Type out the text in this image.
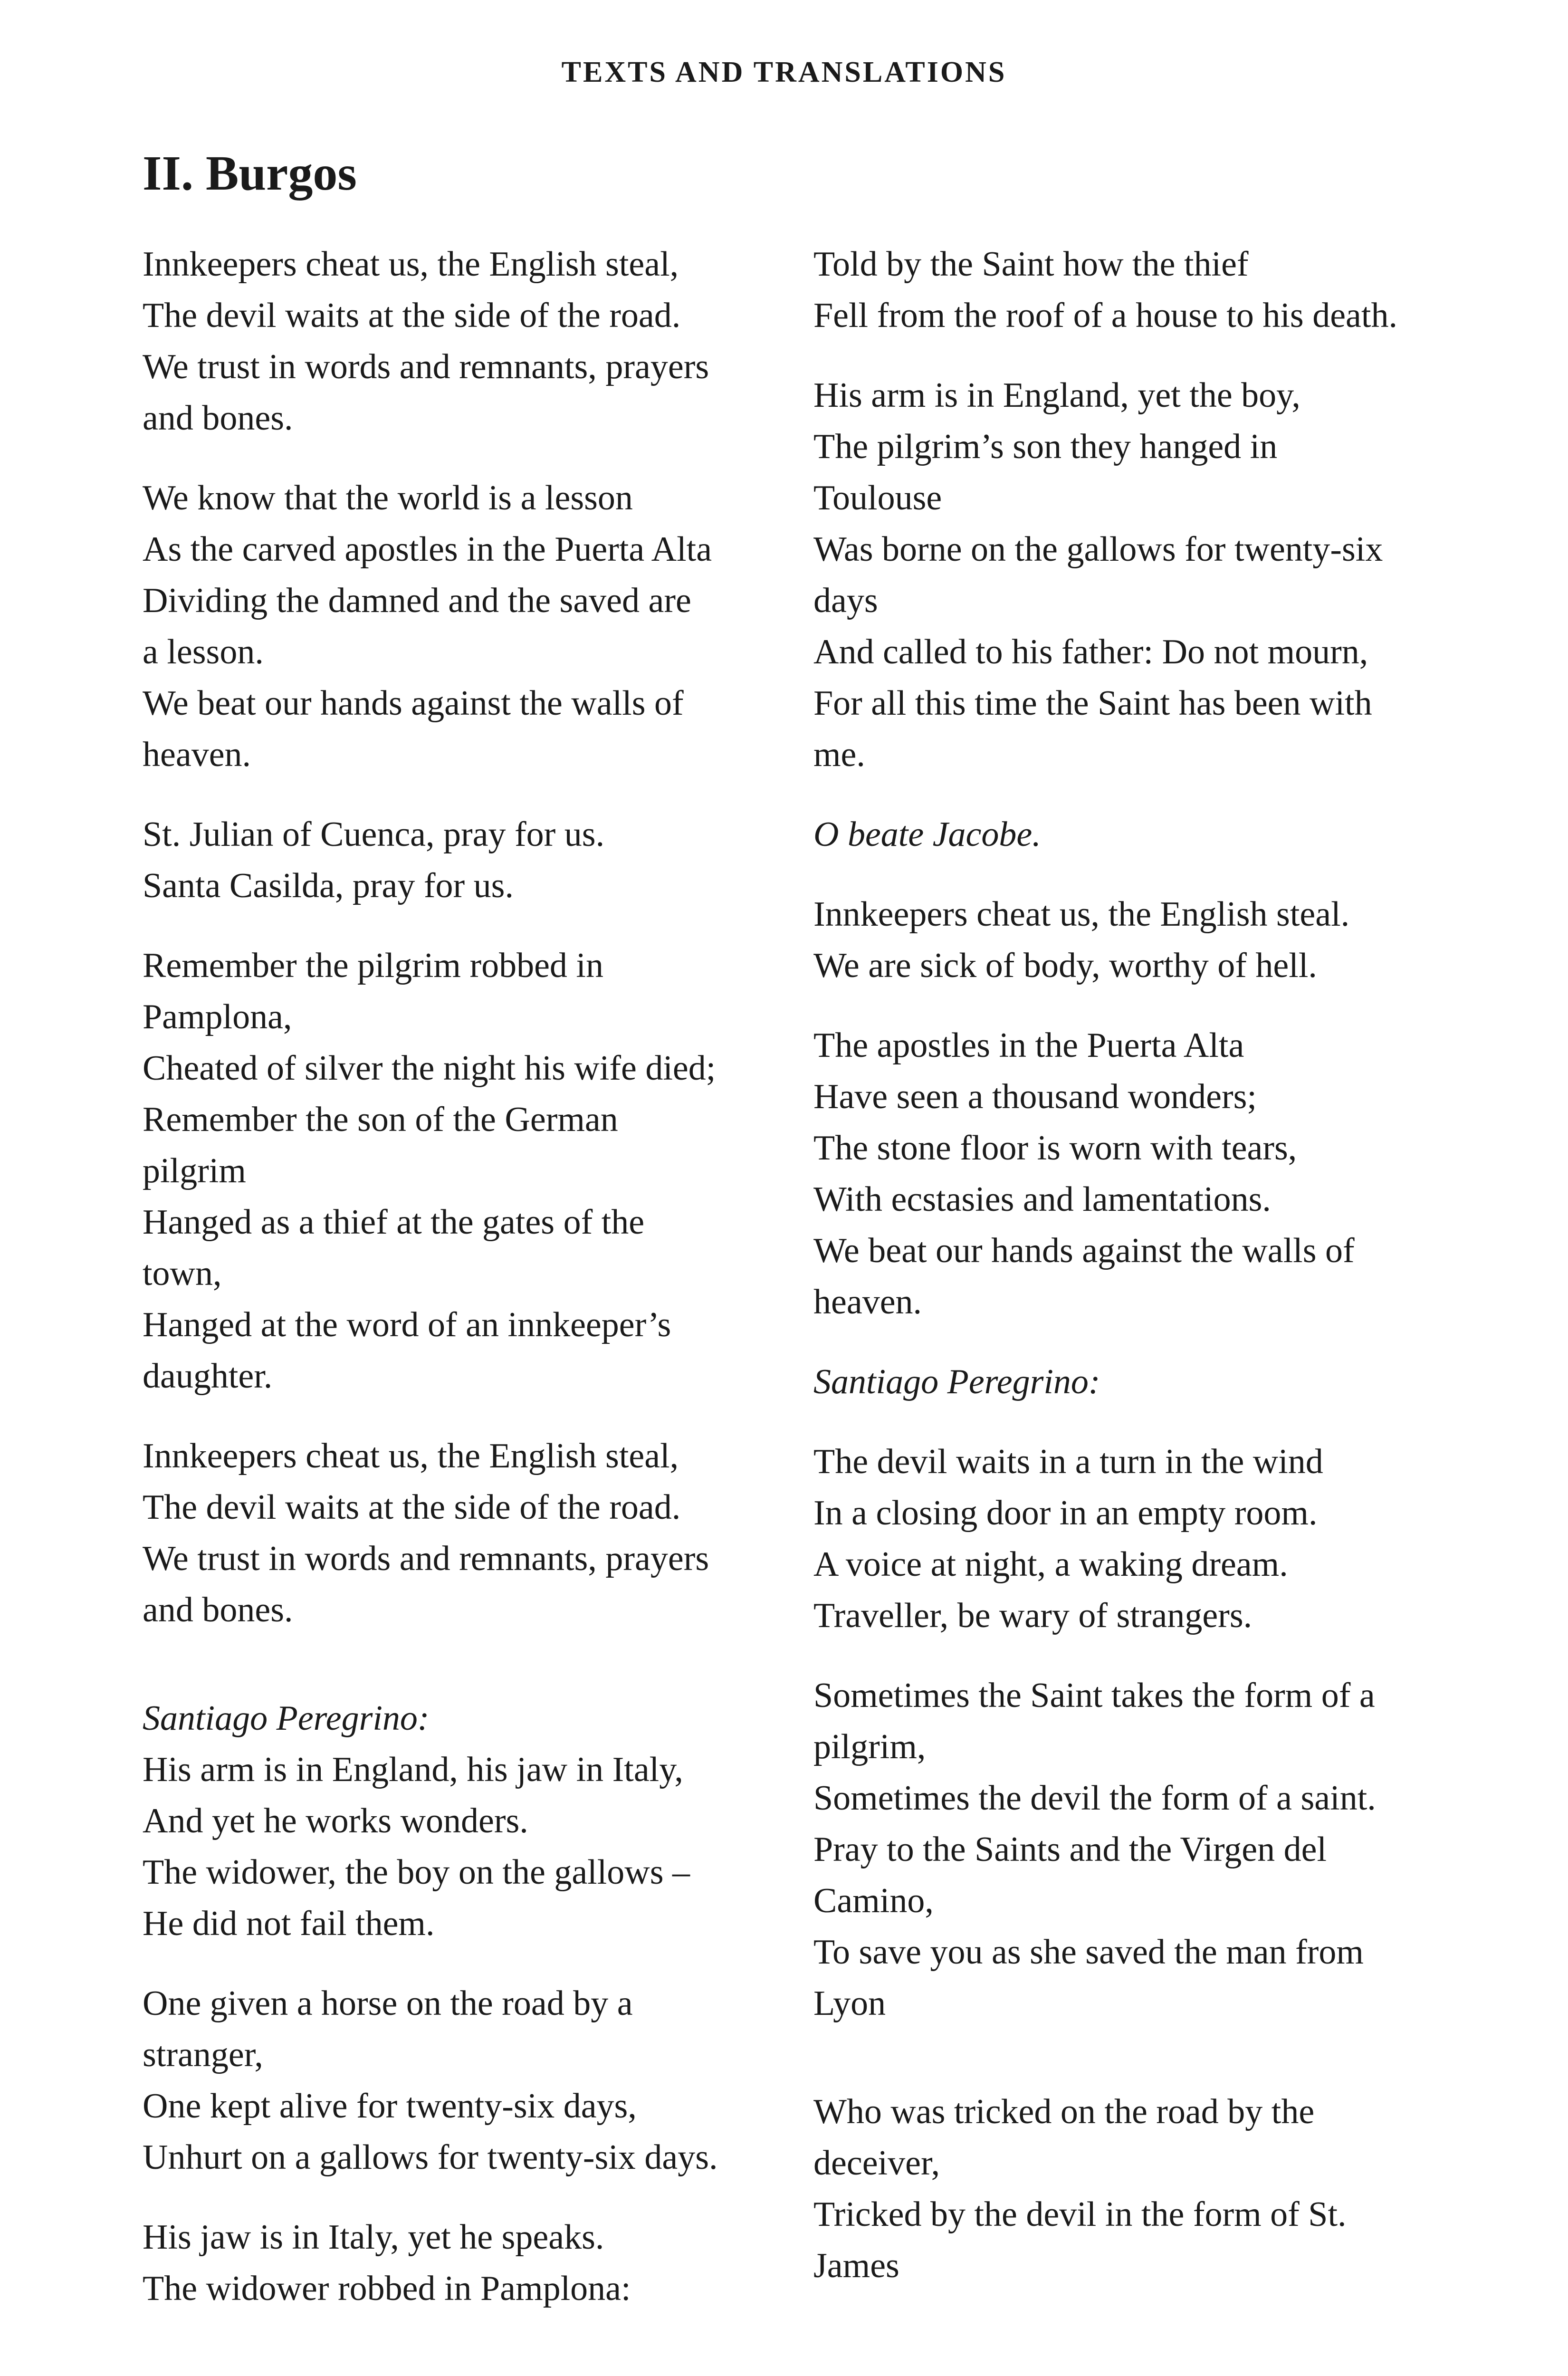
TEXTS AND TRANSLATIONS
II. Burgos

Innkeepers cheat us, the English steal,
The devil waits at the side of the road.
We trust in words and remnants, prayers
and bones.

We know that the world is a lesson
As the carved apostles in the Puerta Alta
Dividing the damned and the saved are
a lesson.
We beat our hands against the walls of
heaven.

St. Julian of Cuenca, pray for us.
Santa Casilda, pray for us.

Remember the pilgrim robbed in
Pamplona,
Cheated of silver the night his wife died;
Remember the son of the German
pilgrim
Hanged as a thief at the gates of the
town,
Hanged at the word of an innkeeper’s
daughter.

Innkeepers cheat us, the English steal,
The devil waits at the side of the road.
We trust in words and remnants, prayers
and bones.

Santiago Peregrino:
His arm is in England, his jaw in Italy,
And yet he works wonders.
The widower, the boy on the gallows –
He did not fail them.

One given a horse on the road by a
stranger,
One kept alive for twenty-six days,
Unhurt on a gallows for twenty-six days.

His jaw is in Italy, yet he speaks.
The widower robbed in Pamplona:

Told by the Saint how the thief
Fell from the roof of a house to his death.

His arm is in England, yet the boy,
The pilgrim’s son they hanged in
Toulouse
Was borne on the gallows for twenty-six
days
And called to his father: Do not mourn,
For all this time the Saint has been with
me.

O beate Jacobe.

Innkeepers cheat us, the English steal.
We are sick of body, worthy of hell.

The apostles in the Puerta Alta
Have seen a thousand wonders;
The stone floor is worn with tears,
With ecstasies and lamentations.
We beat our hands against the walls of
heaven.

Santiago Peregrino:

The devil waits in a turn in the wind
In a closing door in an empty room.
A voice at night, a waking dream.
Traveller, be wary of strangers.

Sometimes the Saint takes the form of a
pilgrim,
Sometimes the devil the form of a saint.
Pray to the Saints and the Virgen del
Camino,
To save you as she saved the man from
Lyon

Who was tricked on the road by the
deceiver,
Tricked by the devil in the form of St.
James
